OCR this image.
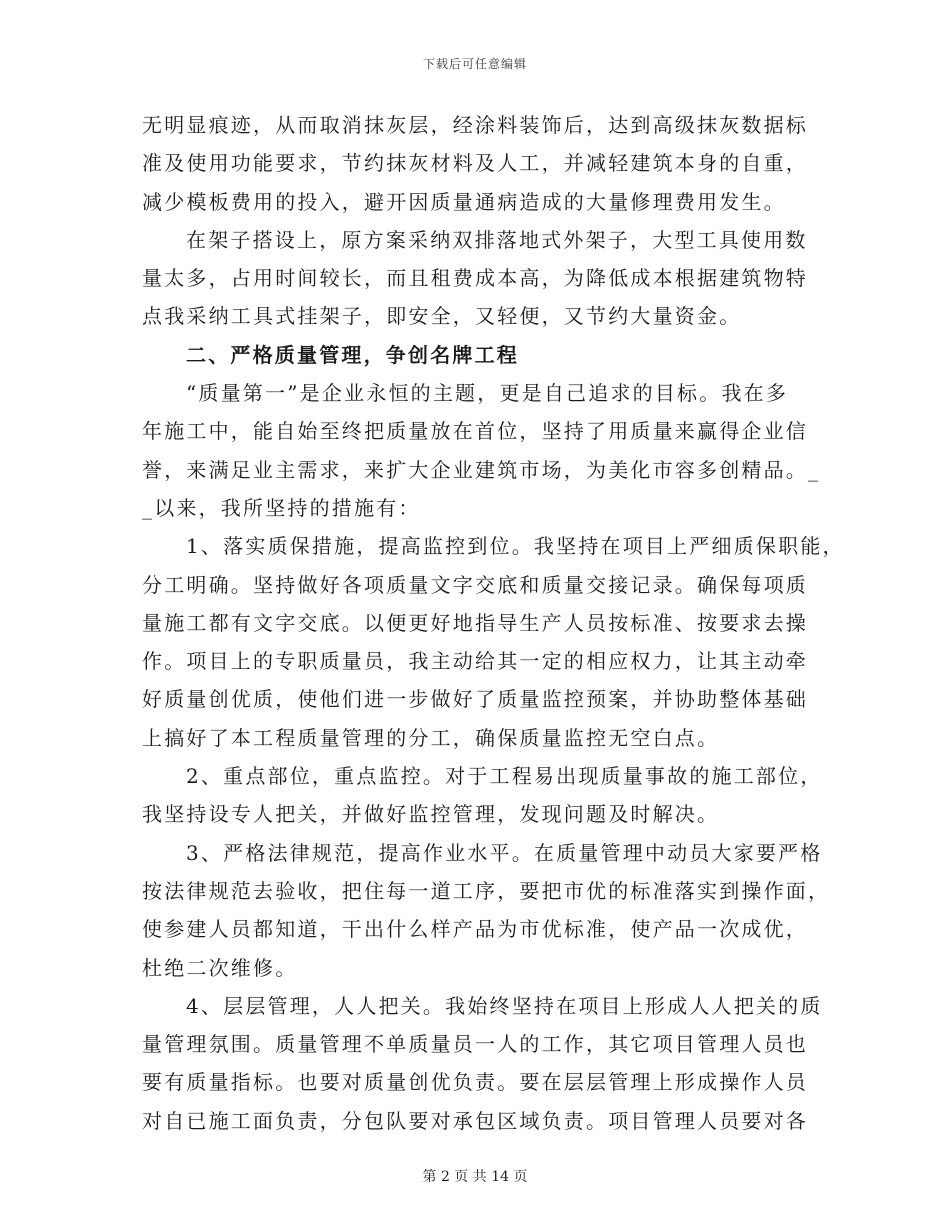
下载后可任意编辑
无明显痕迹，从而取消抹灰层，经涂料装饰后，达到高级抹灰数据标
准及使用功能要求，节约抹灰材料及人工，并减轻建筑本身的自重，
减少模板费用的投入，避开因质量通病造成的大量修理费用发生。
在架子搭设上，原方案采纳双排落地式外架子，大型工具使用数
量太多，占用时间较长，而且租费成本高，为降低成本根据建筑物特
点我采纳工具式挂架子，即安全，又轻便，又节约大量资金。
二、严格质量管理，争创名牌工程
“质量第一”是企业永恒的主题，更是自己追求的目标。我在多
年施工中，能自始至终把质量放在首位，坚持了用质量来赢得企业信
誉，来满足业主需求，来扩大企业建筑市场，为美化市容多创精品。_
_以来，我所坚持的措施有：
1、落实质保措施，提高监控到位。我坚持在项目上严细质保职能，
分工明确。坚持做好各项质量文字交底和质量交接记录。确保每项质
量施工都有文字交底。以便更好地指导生产人员按标准、按要求去操
作。项目上的专职质量员，我主动给其一定的相应权力，让其主动牵
好质量创优质，使他们进一步做好了质量监控预案，并协助整体基础
上搞好了本工程质量管理的分工，确保质量监控无空白点。
2、重点部位，重点监控。对于工程易出现质量事故的施工部位，
我坚持设专人把关，并做好监控管理，发现问题及时解决。
3、严格法律规范，提高作业水平。在质量管理中动员大家要严格
按法律规范去验收，把住每一道工序，要把市优的标准落实到操作面，
使参建人员都知道，干出什么样产品为市优标准，使产品一次成优，
杜绝二次维修。
4、层层管理，人人把关。我始终坚持在项目上形成人人把关的质
量管理氛围。质量管理不单质量员一人的工作，其它项目管理人员也
要有质量指标。也要对质量创优负责。要在层层管理上形成操作人员
对自已施工面负责，分包队要对承包区域负责。项目管理人员要对各
第 2 页 共 14 页
